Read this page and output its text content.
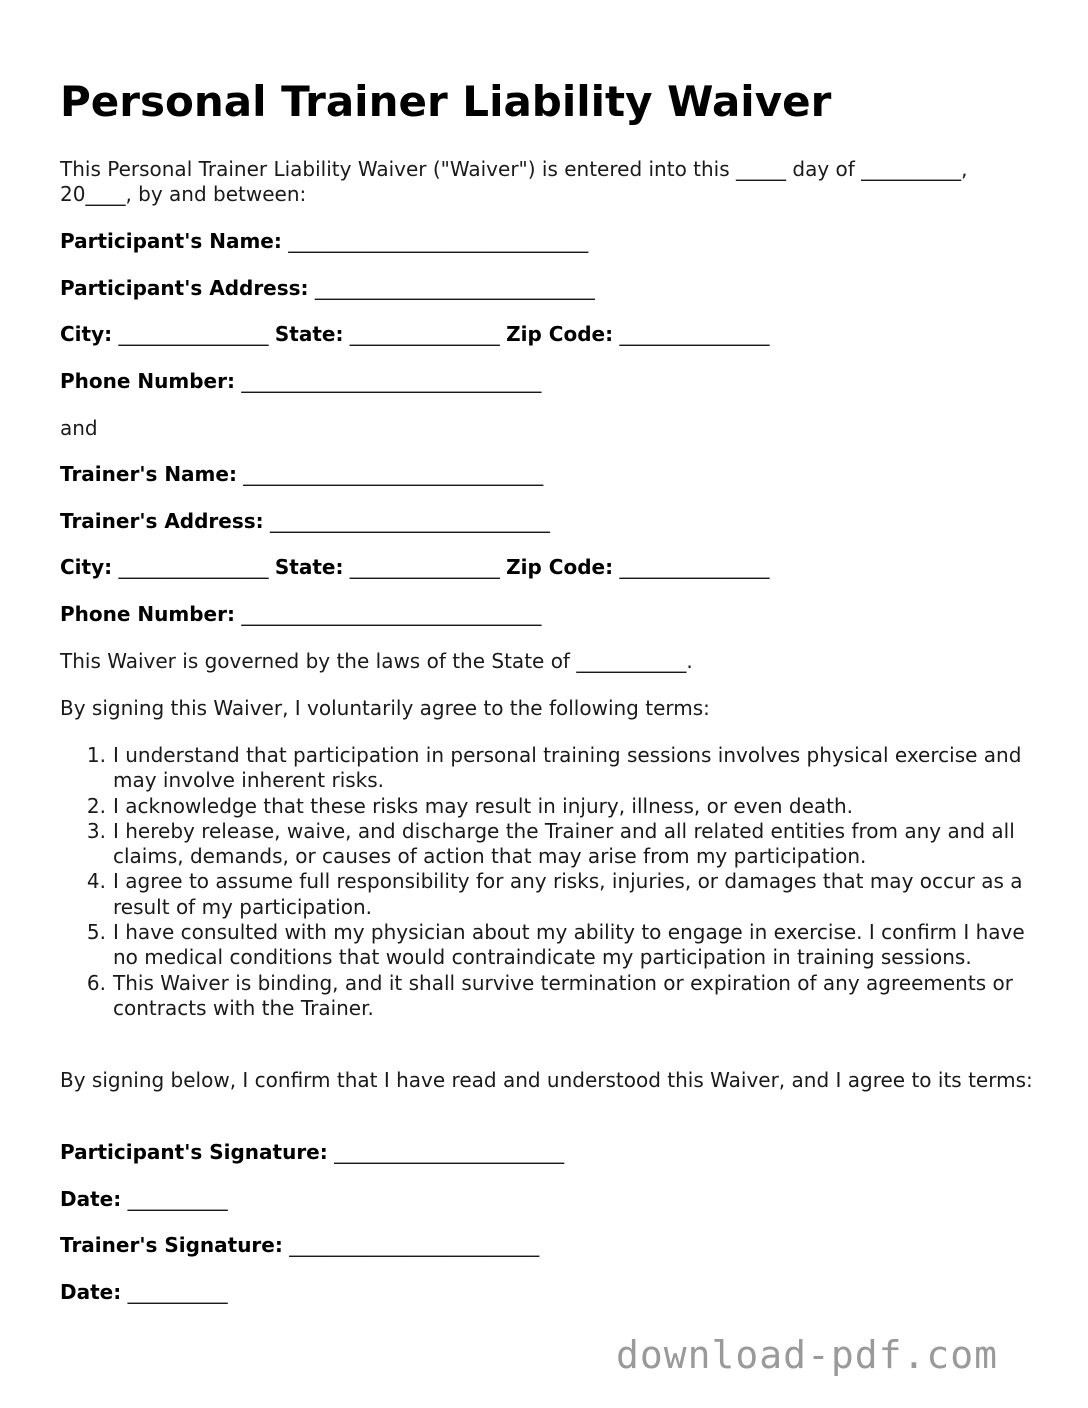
Personal Trainer Liability Waiver

This Personal Trainer Liability Waiver ("Waiver") is entered into this _____ day of __________, 20____, by and between:

Participant's Name: ______________________________

Participant's Address: ____________________________

City: _______________ State: _______________ Zip Code: _______________

Phone Number: ______________________________

and

Trainer's Name: ______________________________

Trainer's Address: ____________________________

City: _______________ State: _______________ Zip Code: _______________

Phone Number: ______________________________

This Waiver is governed by the laws of the State of ___________.

By signing this Waiver, I voluntarily agree to the following terms:

1. I understand that participation in personal training sessions involves physical exercise and may involve inherent risks.
2. I acknowledge that these risks may result in injury, illness, or even death.
3. I hereby release, waive, and discharge the Trainer and all related entities from any and all claims, demands, or causes of action that may arise from my participation.
4. I agree to assume full responsibility for any risks, injuries, or damages that may occur as a result of my participation.
5. I have consulted with my physician about my ability to engage in exercise. I confirm I have no medical conditions that would contraindicate my participation in training sessions.
6. This Waiver is binding, and it shall survive termination or expiration of any agreements or contracts with the Trainer.

By signing below, I confirm that I have read and understood this Waiver, and I agree to its terms:

Participant's Signature: _______________________

Date: __________

Trainer's Signature: _________________________

Date: __________

download-pdf.com
